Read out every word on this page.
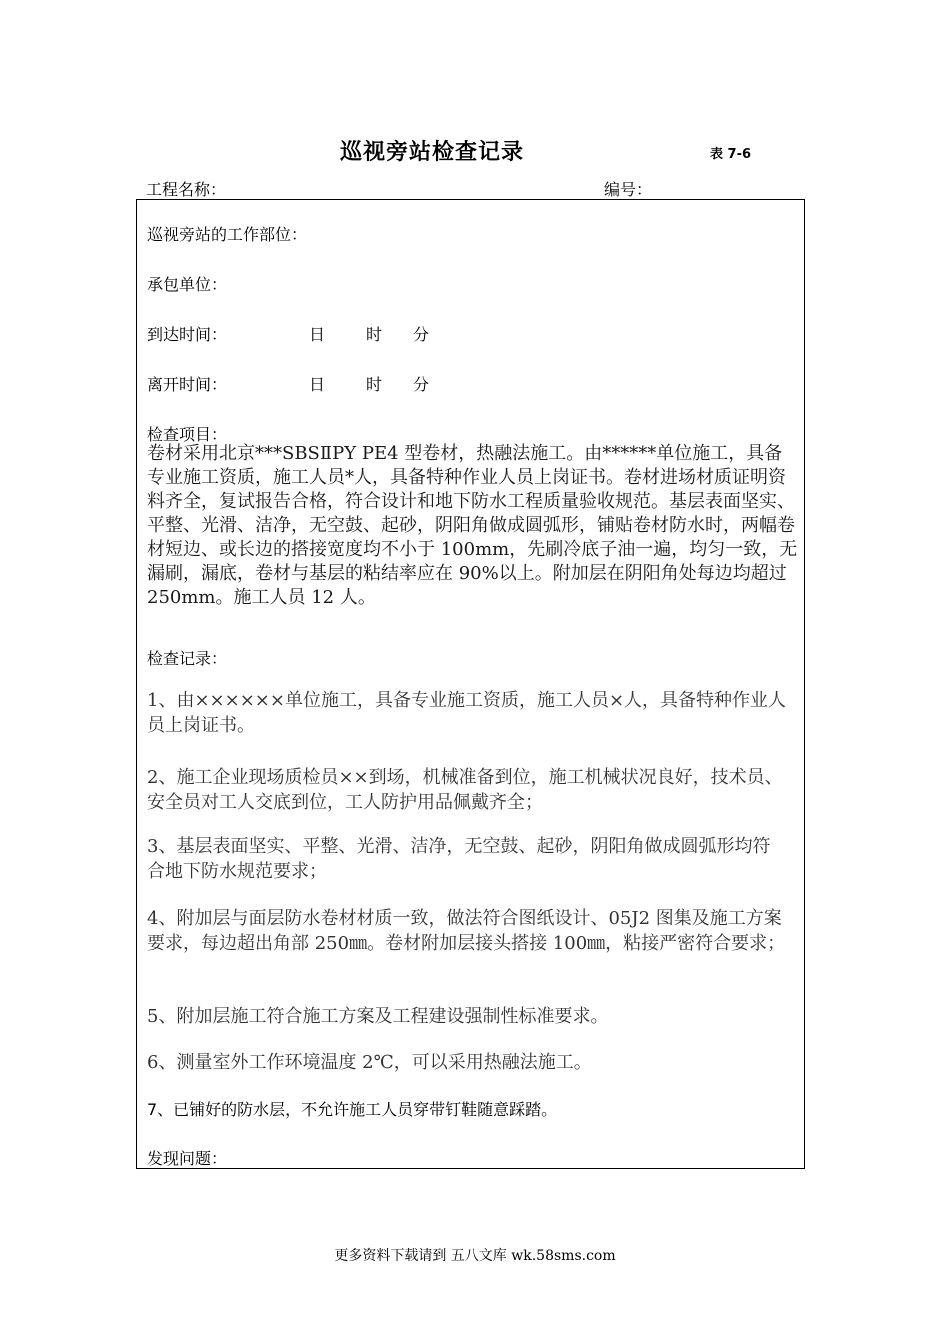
巡视旁站检查记录	表 7-6
工程名称：	编号：
巡视旁站的工作部位：
承包单位：
到达时间：	日	时 分
离开时间：	日	时 分
检查项目：
卷材采用北京***SBSⅡPY PE4 型卷材，热融法施工。由******单位施工，具备专业施工资质，施工人员*人，具备特种作业人员上岗证书。卷材进场材质证明资料齐全，复试报告合格，符合设计和地下防水工程质量验收规范。基层表面坚实、平整、光滑、洁净，无空鼓、起砂，阴阳角做成圆弧形，铺贴卷材防水时，两幅卷材短边、或长边的搭接宽度均不小于 100mm，先刷冷底子油一遍，均匀一致，无漏刷，漏底，卷材与基层的粘结率应在 90%以上。附加层在阴阳角处每边均超过 250mm。施工人员 12 人。
检查记录：
1、由××××××单位施工，具备专业施工资质，施工人员×人，具备特种作业人员上岗证书。
2、施工企业现场质检员××到场，机械准备到位，施工机械状况良好，技术员、安全员对工人交底到位，工人防护用品佩戴齐全；
3、基层表面坚实、平整、光滑、洁净，无空鼓、起砂，阴阳角做成圆弧形均符合地下防水规范要求；
4、附加层与面层防水卷材材质一致，做法符合图纸设计、05J2 图集及施工方案要求，每边超出角部 250㎜。卷材附加层接头搭接 100㎜，粘接严密符合要求；
5、附加层施工符合施工方案及工程建设强制性标准要求。
6、测量室外工作环境温度 2℃，可以采用热融法施工。
7、已铺好的防水层，不允许施工人员穿带钉鞋随意踩踏。
发现问题：
更多资料下载请到 五八文库 wk.58sms.com
